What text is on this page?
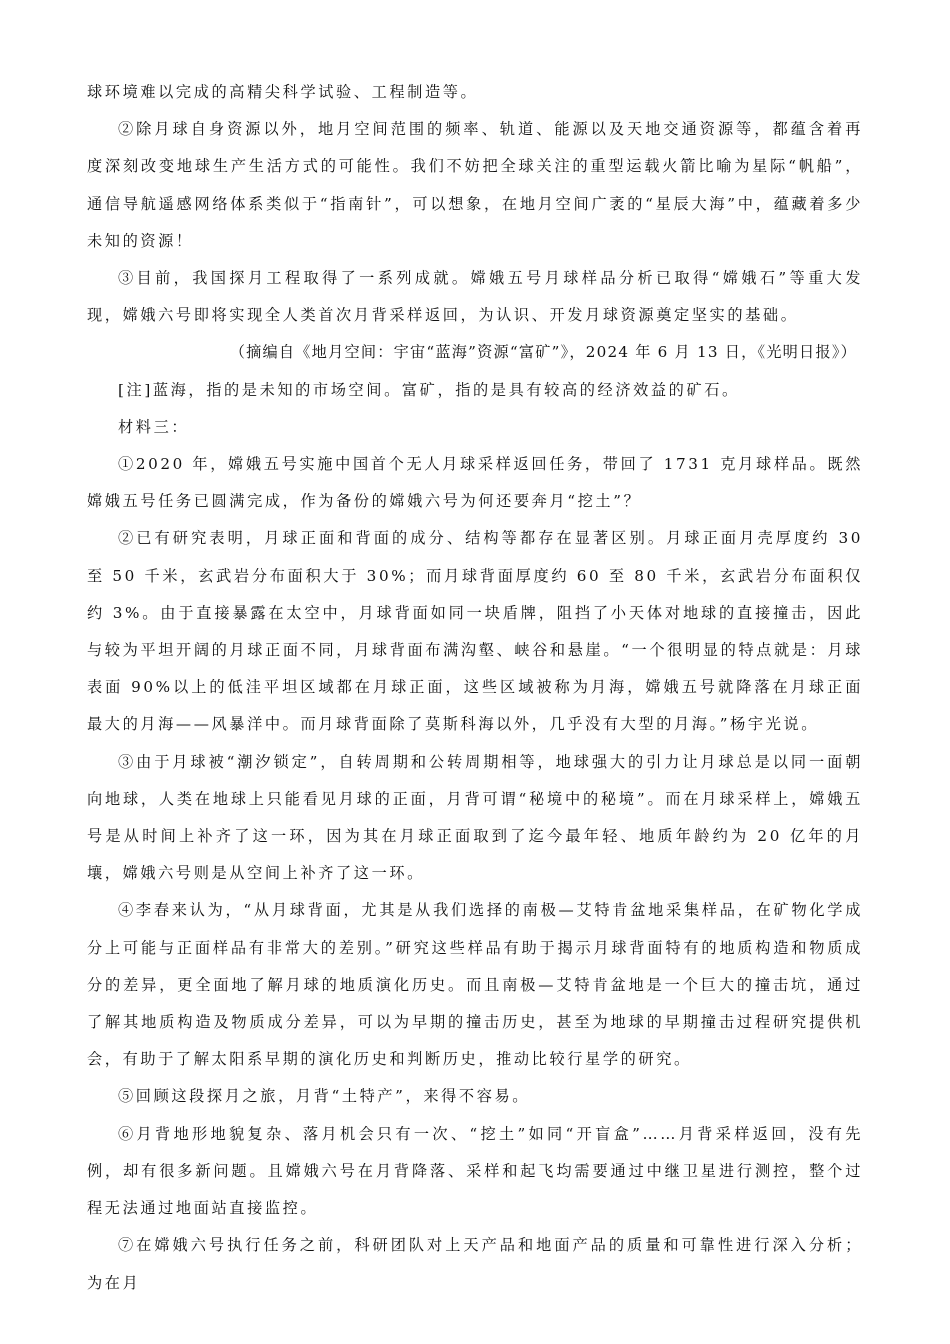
球环境难以完成的高精尖科学试验、工程制造等。

②除月球自身资源以外，地月空间范围的频率、轨道、能源以及天地交通资源等，都蕴含着再度深刻改变地球生产生活方式的可能性。我们不妨把全球关注的重型运载火箭比喻为星际“帆船”，通信导航遥感网络体系类似于“指南针”，可以想象，在地月空间广袤的“星辰大海”中，蕴藏着多少未知的资源！

③目前，我国探月工程取得了一系列成就。嫦娥五号月球样品分析已取得“嫦娥石”等重大发现，嫦娥六号即将实现全人类首次月背采样返回，为认识、开发月球资源奠定坚实的基础。

（摘编自《地月空间：宇宙“蓝海”资源“富矿”》，2024 年 6 月 13 日，《光明日报》）

[注]蓝海，指的是未知的市场空间。富矿，指的是具有较高的经济效益的矿石。

材料三：

①2020 年，嫦娥五号实施中国首个无人月球采样返回任务，带回了 1731 克月球样品。既然嫦娥五号任务已圆满完成，作为备份的嫦娥六号为何还要奔月“挖土”？

②已有研究表明，月球正面和背面的成分、结构等都存在显著区别。月球正面月壳厚度约 30 至 50 千米，玄武岩分布面积大于 30%；而月球背面厚度约 60 至 80 千米，玄武岩分布面积仅约 3%。由于直接暴露在太空中，月球背面如同一块盾牌，阻挡了小天体对地球的直接撞击，因此与较为平坦开阔的月球正面不同，月球背面布满沟壑、峡谷和悬崖。“一个很明显的特点就是：月球表面 90%以上的低洼平坦区域都在月球正面，这些区域被称为月海，嫦娥五号就降落在月球正面最大的月海——风暴洋中。而月球背面除了莫斯科海以外，几乎没有大型的月海。”杨宇光说。

③由于月球被“潮汐锁定”，自转周期和公转周期相等，地球强大的引力让月球总是以同一面朝向地球，人类在地球上只能看见月球的正面，月背可谓“秘境中的秘境”。而在月球采样上，嫦娥五号是从时间上补齐了这一环，因为其在月球正面取到了迄今最年轻、地质年龄约为 20 亿年的月壤，嫦娥六号则是从空间上补齐了这一环。

④李春来认为，“从月球背面，尤其是从我们选择的南极—艾特肯盆地采集样品，在矿物化学成分上可能与正面样品有非常大的差别。”研究这些样品有助于揭示月球背面特有的地质构造和物质成分的差异，更全面地了解月球的地质演化历史。而且南极—艾特肯盆地是一个巨大的撞击坑，通过了解其地质构造及物质成分差异，可以为早期的撞击历史，甚至为地球的早期撞击过程研究提供机会，有助于了解太阳系早期的演化历史和判断历史，推动比较行星学的研究。

⑤回顾这段探月之旅，月背“土特产”，来得不容易。

⑥月背地形地貌复杂、落月机会只有一次、“挖土”如同“开盲盒”……月背采样返回，没有先例，却有很多新问题。且嫦娥六号在月背降落、采样和起飞均需要通过中继卫星进行测控，整个过程无法通过地面站直接监控。

⑦在嫦娥六号执行任务之前，科研团队对上天产品和地面产品的质量和可靠性进行深入分析；为在月
